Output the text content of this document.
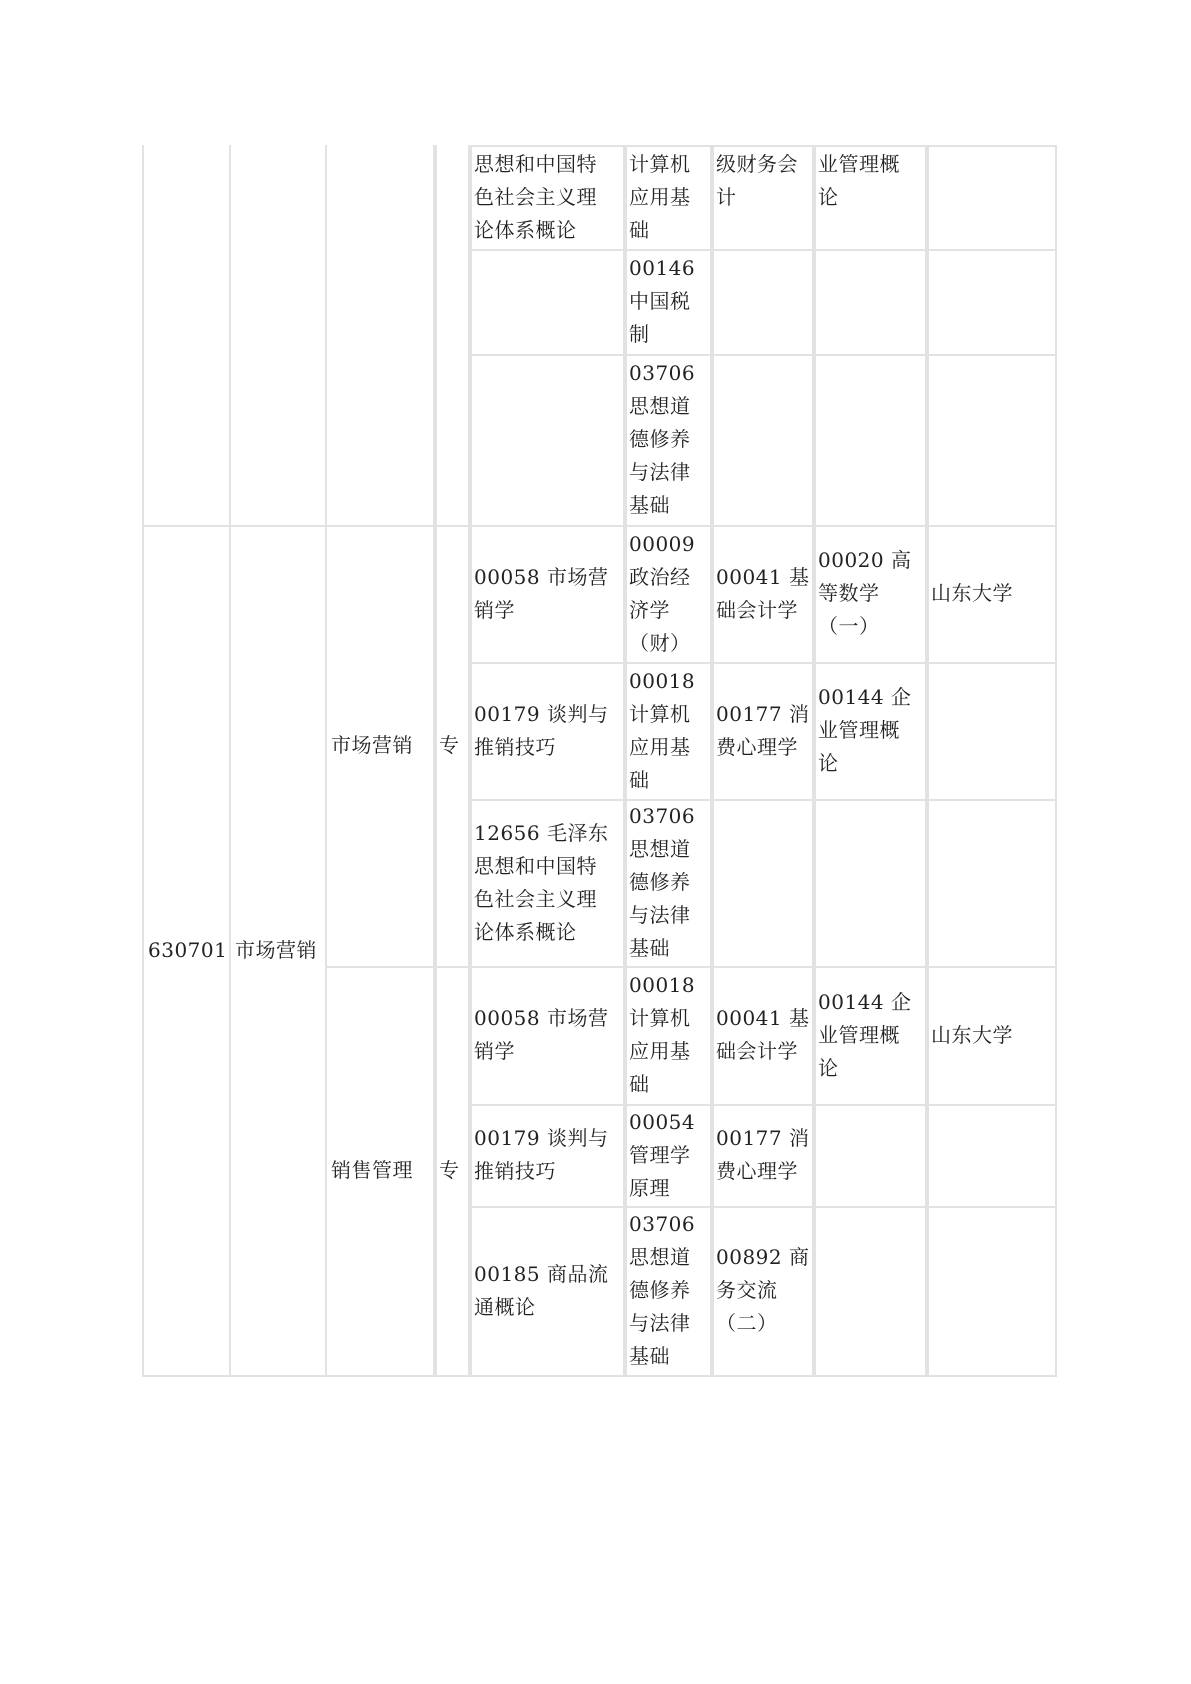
思想和中国特
色社会主义理
论体系概论
计算机
应用基
础
级财务会
计
业管理概
论
00146
中国税
制
03706
思想道
德修养
与法律
基础
630701 市场营销
市场营销	专
00058 市场营
销学
00009
政治经
济学
（财）
00041 基
础会计学
00020 高
等数学
（一）
山东大学
00179 谈判与
推销技巧
00018
计算机
应用基
础
00177 消
费心理学
00144 企
业管理概
论
12656 毛泽东
思想和中国特
色社会主义理
论体系概论
03706
思想道
德修养
与法律
基础
销售管理	专
00058 市场营
销学
00018
计算机
应用基
础
00041 基
础会计学
00144 企
业管理概
论
山东大学
00179 谈判与
推销技巧
00054
管理学
原理
00177 消
费心理学
00185 商品流
通概论
03706
思想道
德修养
与法律
基础
00892 商
务交流
（二）
